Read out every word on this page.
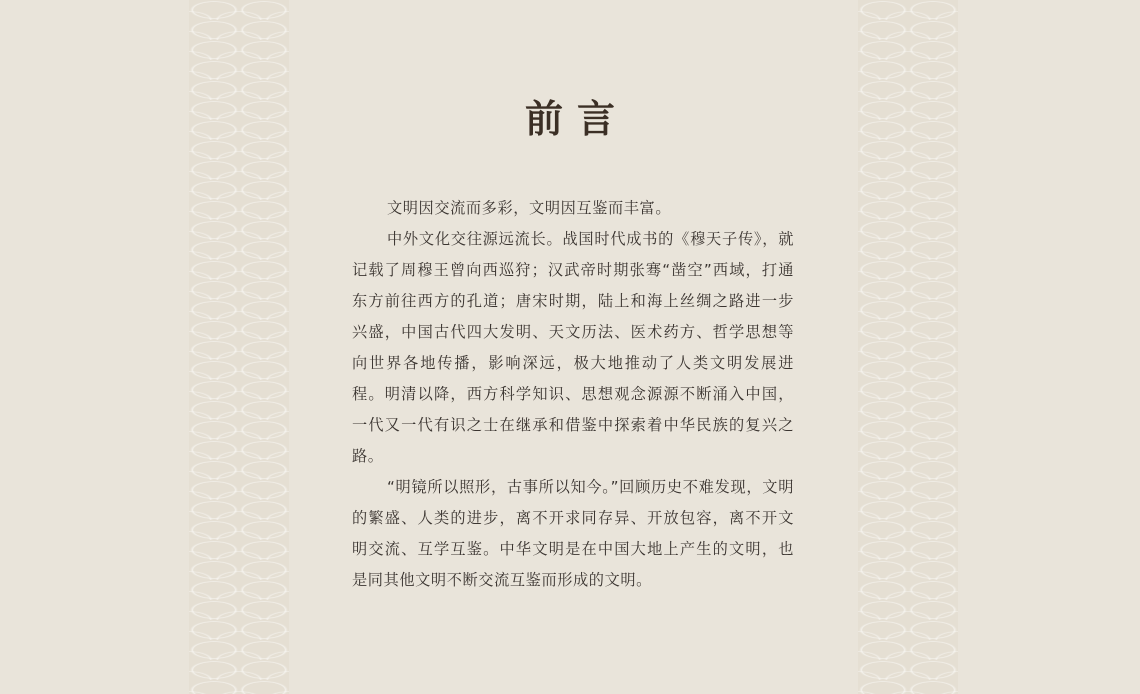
前言

文明因交流而多彩，文明因互鉴而丰富。

中外文化交往源远流长。战国时代成书的《穆天子传》，就记载了周穆王曾向西巡狩；汉武帝时期张骞“凿空”西域，打通东方前往西方的孔道；唐宋时期，陆上和海上丝绸之路进一步兴盛，中国古代四大发明、天文历法、医术药方、哲学思想等向世界各地传播，影响深远，极大地推动了人类文明发展进程。明清以降，西方科学知识、思想观念源源不断涌入中国，一代又一代有识之士在继承和借鉴中探索着中华民族的复兴之路。

“明镜所以照形，古事所以知今。”回顾历史不难发现，文明的繁盛、人类的进步，离不开求同存异、开放包容，离不开文明交流、互学互鉴。中华文明是在中国大地上产生的文明，也是同其他文明不断交流互鉴而形成的文明。
